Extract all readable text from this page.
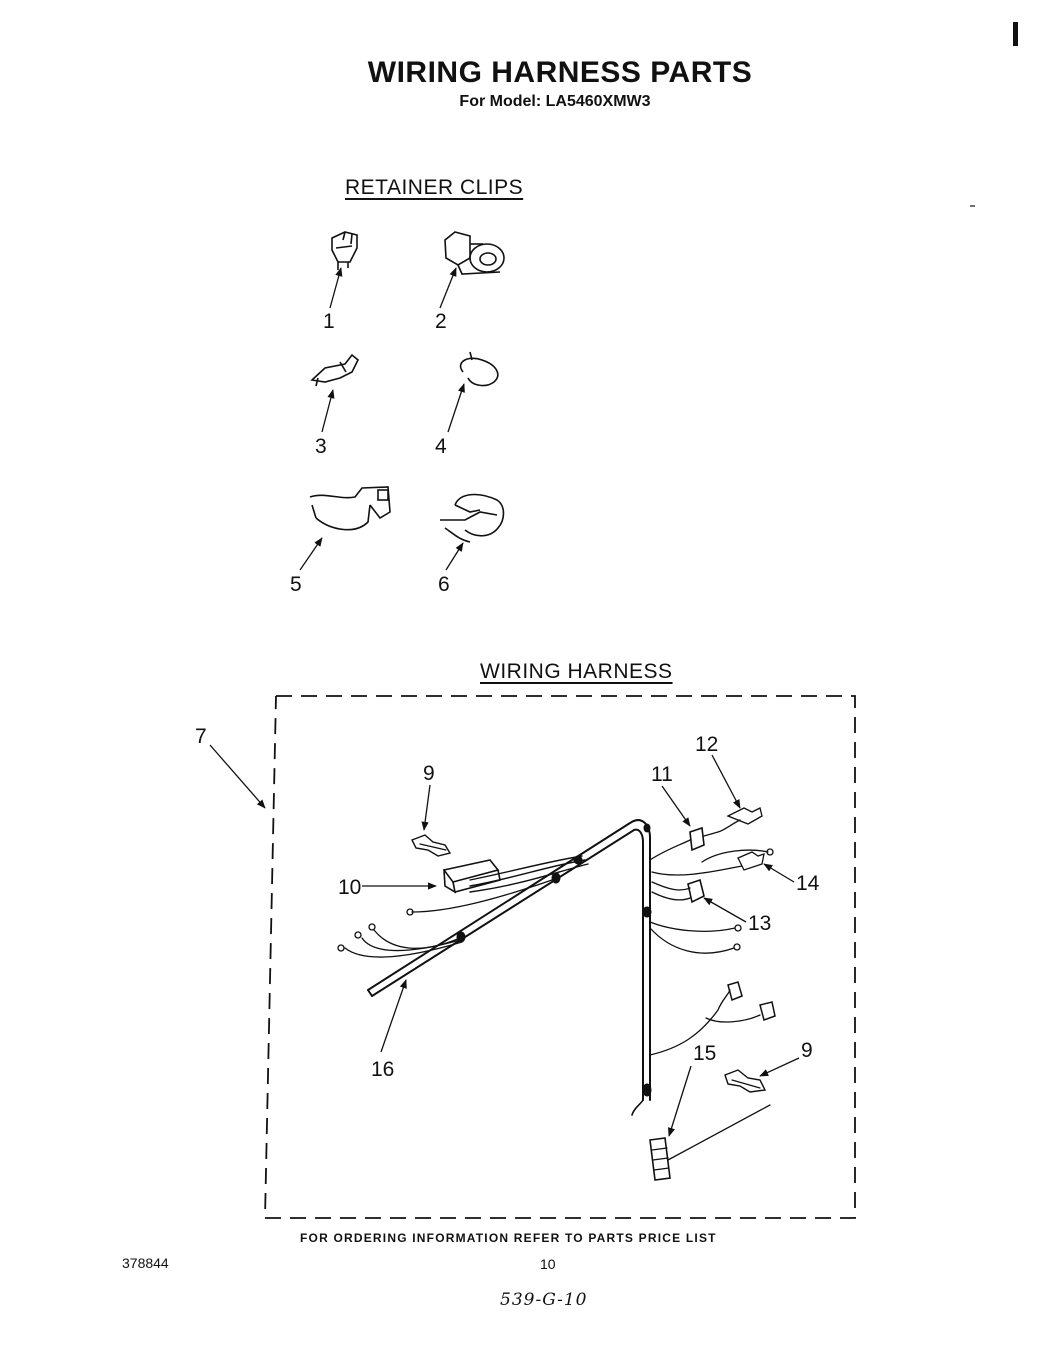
WIRING HARNESS PARTS
For Model: LA5460XMW3
RETAINER CLIPS
WIRING HARNESS
1	2
3	4
5	6
7
9
10
11
12
13
14
15	9
16
FOR ORDERING INFORMATION REFER TO PARTS PRICE LIST
378844	10
539-G-10
